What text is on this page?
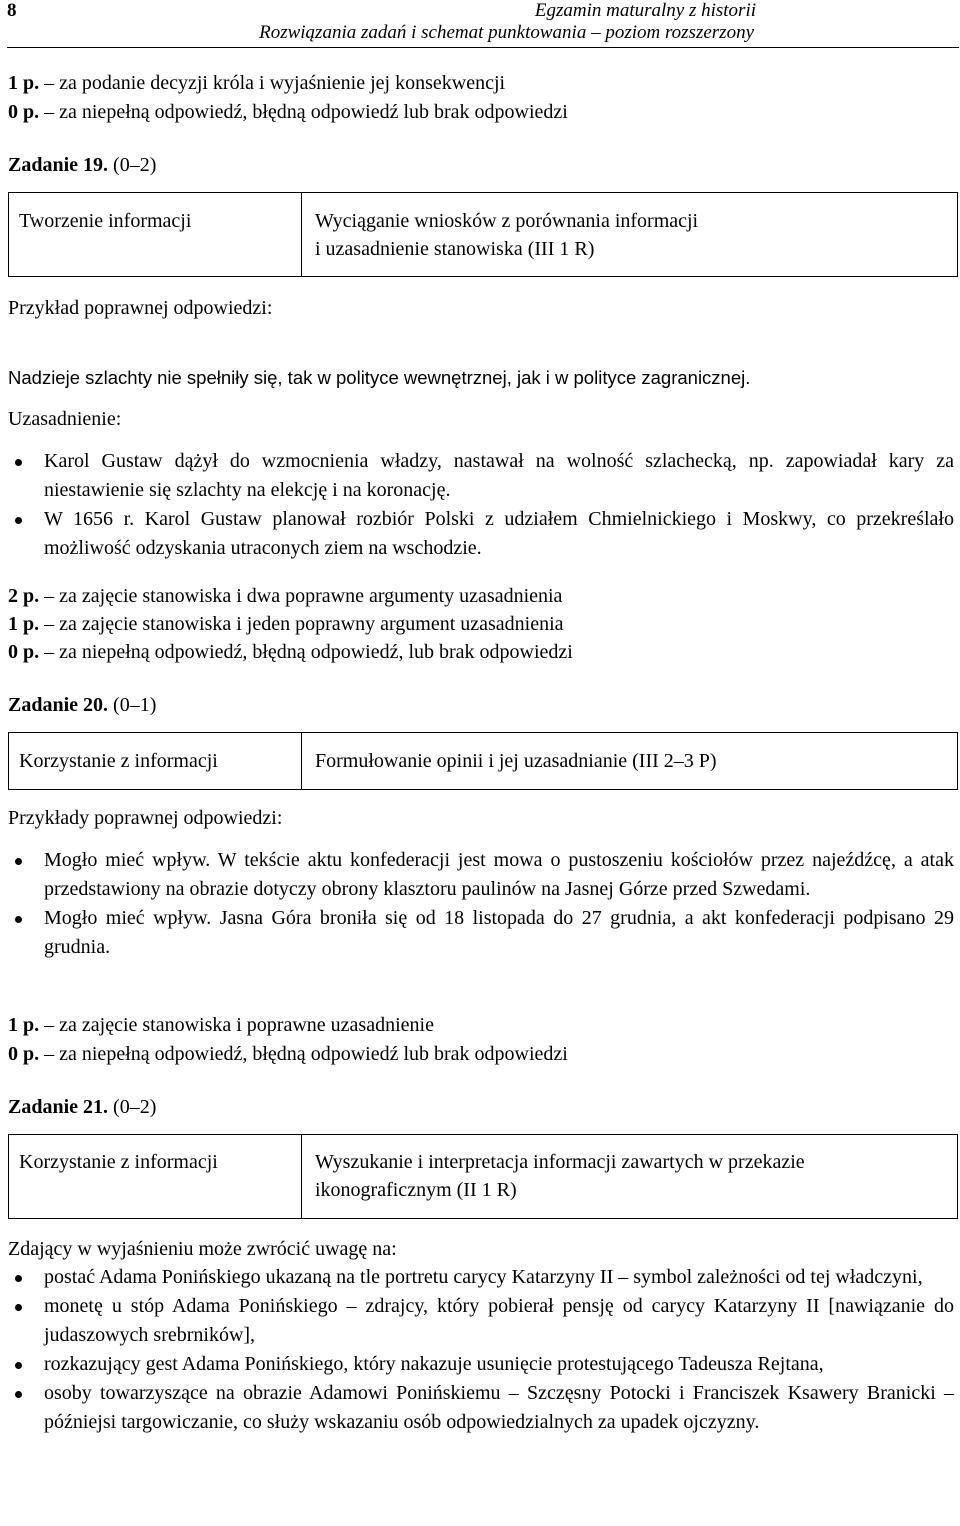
8	Egzamin maturalny z historii
Rozwiązania zadań i schemat punktowania – poziom rozszerzony
1 p. – za podanie decyzji króla i wyjaśnienie jej konsekwencji
0 p. – za niepełną odpowiedź, błędną odpowiedź lub brak odpowiedzi
Zadanie 19. (0–2)
Tworzenie informacji	Wyciąganie wniosków z porównania informacji
i uzasadnienie stanowiska (III 1 R)
Przykład poprawnej odpowiedzi:
Nadzieje szlachty nie spełniły się, tak w polityce wewnętrznej, jak i w polityce zagranicznej.
Uzasadnienie:
Karol Gustaw dążył do wzmocnienia władzy, nastawał na wolność szlachecką, np. zapowiadał kary za niestawienie się szlachty na elekcję i na koronację.
W 1656 r. Karol Gustaw planował rozbiór Polski z udziałem Chmielnickiego i Moskwy, co przekreślało możliwość odzyskania utraconych ziem na wschodzie.
2 p. – za zajęcie stanowiska i dwa poprawne argumenty uzasadnienia
1 p. – za zajęcie stanowiska i jeden poprawny argument uzasadnienia
0 p. – za niepełną odpowiedź, błędną odpowiedź, lub brak odpowiedzi
Zadanie 20. (0–1)
Korzystanie z informacji	Formułowanie opinii i jej uzasadnianie (III 2–3 P)
Przykłady poprawnej odpowiedzi:
Mogło mieć wpływ. W tekście aktu konfederacji jest mowa o pustoszeniu kościołów przez najeźdźcę, a atak przedstawiony na obrazie dotyczy obrony klasztoru paulinów na Jasnej Górze przed Szwedami.
Mogło mieć wpływ. Jasna Góra broniła się od 18 listopada do 27 grudnia, a akt konfederacji podpisano 29 grudnia.
1 p. – za zajęcie stanowiska i poprawne uzasadnienie
0 p. – za niepełną odpowiedź, błędną odpowiedź lub brak odpowiedzi
Zadanie 21. (0–2)
Korzystanie z informacji	Wyszukanie i interpretacja informacji zawartych w przekazie
ikonograficznym (II 1 R)
Zdający w wyjaśnieniu może zwrócić uwagę na:
postać Adama Ponińskiego ukazaną na tle portretu carycy Katarzyny II – symbol zależności od tej władczyni,
monetę u stóp Adama Ponińskiego – zdrajcy, który pobierał pensję od carycy Katarzyny II [nawiązanie do judaszowych srebrników],
rozkazujący gest Adama Ponińskiego, który nakazuje usunięcie protestującego Tadeusza Rejtana,
osoby towarzyszące na obrazie Adamowi Ponińskiemu – Szczęsny Potocki i Franciszek Ksawery Branicki – późniejsi targowiczanie, co służy wskazaniu osób odpowiedzialnych za upadek ojczyzny.
